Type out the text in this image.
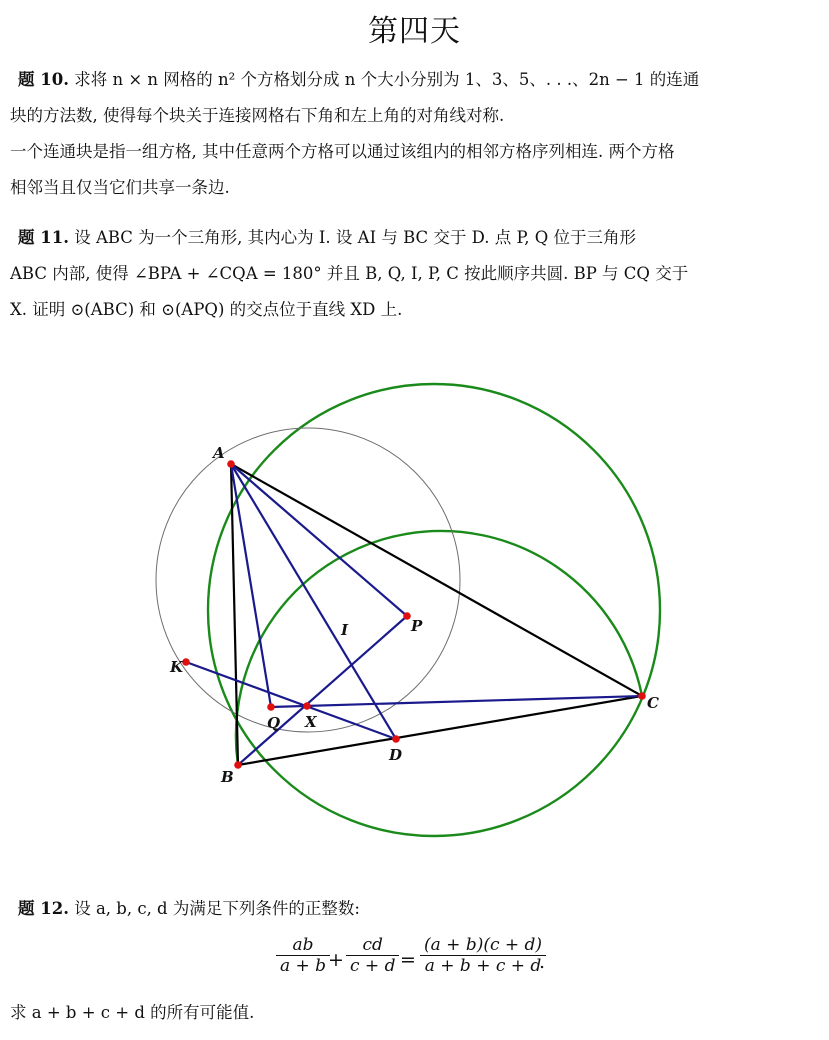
第四天
题 10. 求将 n × n 网格的 n² 个方格划分成 n 个大小分别为 1、3、5、. . .、2n − 1 的连通
块的方法数, 使得每个块关于连接网格右下角和左上角的对角线对称.
一个连通块是指一组方格, 其中任意两个方格可以通过该组内的相邻方格序列相连. 两个方格
相邻当且仅当它们共享一条边.
题 11. 设 ABC 为一个三角形, 其内心为 I. 设 AI 与 BC 交于 D. 点 P, Q 位于三角形
ABC 内部, 使得 ∠BPA + ∠CQA = 180° 并且 B, Q, I, P, C 按此顺序共圆. BP 与 CQ 交于
X. 证明 ⊙(ABC) 和 ⊙(APQ) 的交点位于直线 XD 上.
A
B
C
D
I	P
Q X
K
题 12. 设 a, b, c, d 为满足下列条件的正整数:
ab
a + b +
cd
c + d =
(a + b)(c + d)
a + b + c + d
.
求 a + b + c + d 的所有可能值.
